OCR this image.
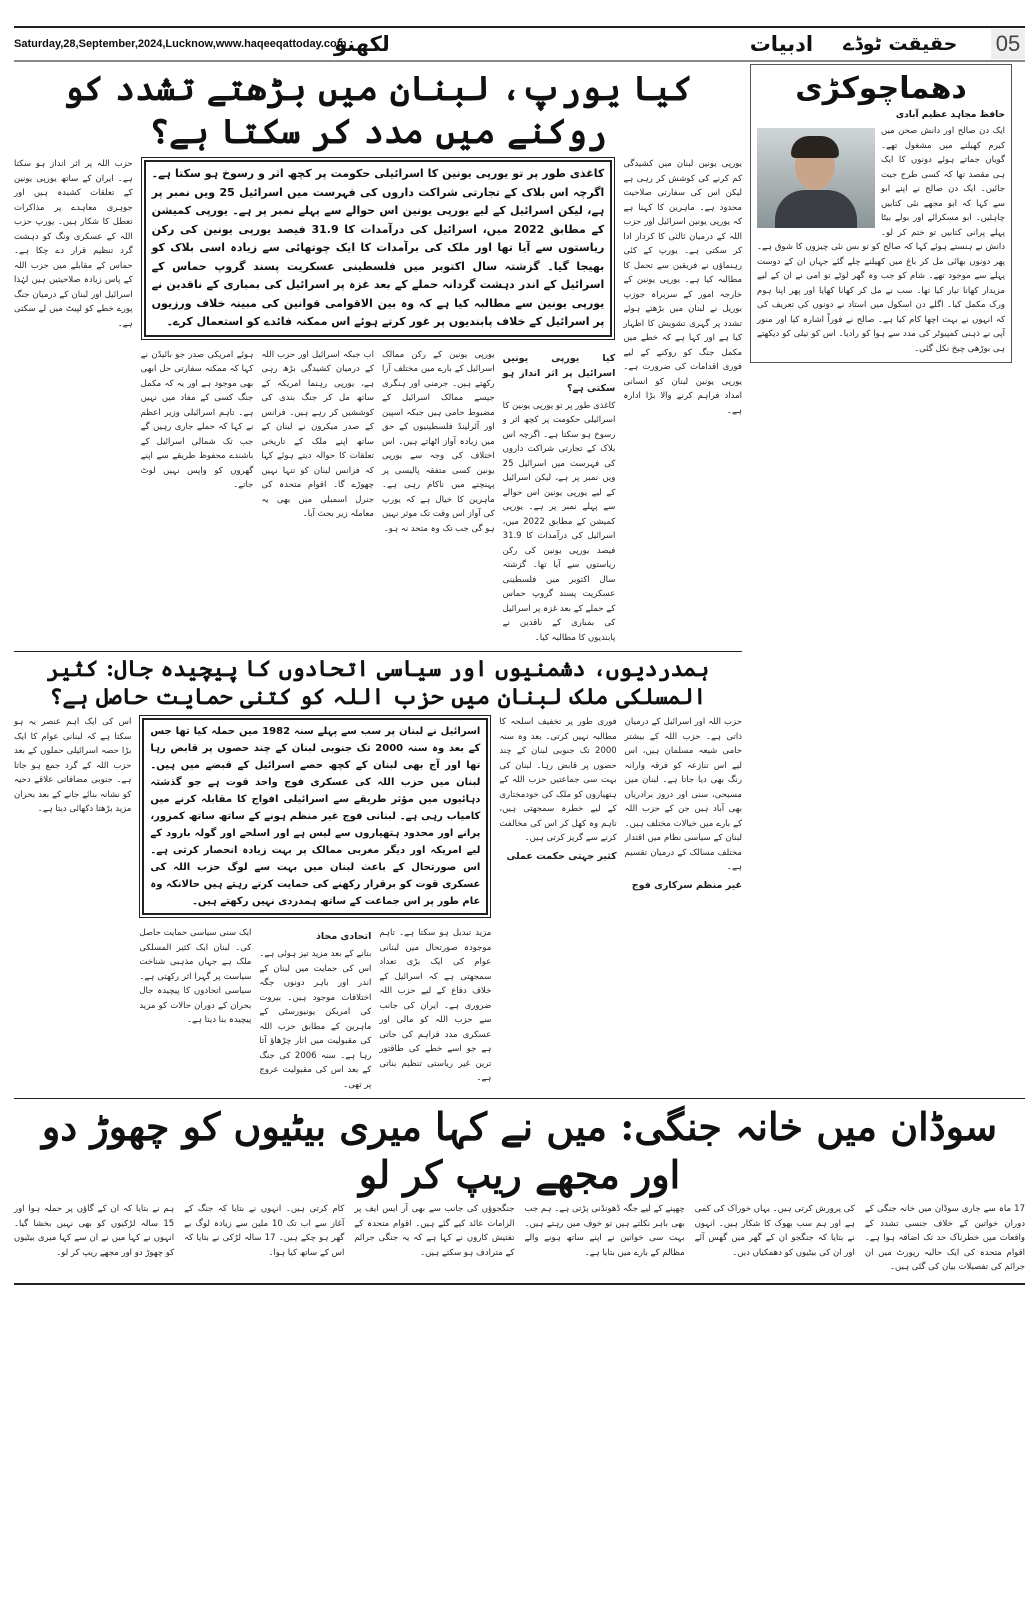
Saturday,28,September,2024,Lucknow,www.haqeeqattoday.com
لکھنؤ	ادبیات حقیقت ٹوڈے 05
کیا یورپ، لبنان میں بڑھتے تشدد کو روکنے میں مدد کر سکتا ہے؟
یورپی یونین لبنان میں کشیدگی کم کرنے کی کوشش کر رہی ہے لیکن اس کی سفارتی صلاحیت محدود ہے۔ ماہرین کا کہنا ہے کہ یورپی یونین اسرائیل اور حزب اللہ کے درمیان ثالثی کا کردار ادا کر سکتی ہے۔ یورپ کے کئی رہنماؤں نے فریقین سے تحمل کا مطالبہ کیا ہے۔ یورپی یونین کے خارجہ امور کے سربراہ جوزپ بوریل نے لبنان میں بڑھتے ہوئے تشدد پر گہری تشویش کا اظہار کیا ہے اور کہا ہے کہ خطے میں مکمل جنگ کو روکنے کے لیے فوری اقدامات کی ضرورت ہے۔ یورپی یونین لبنان کو انسانی امداد فراہم کرنے والا بڑا ادارہ ہے۔
کاغذی طور پر تو یورپی یونین کا اسرائیلی حکومت پر کچھ اثر و رسوخ ہو سکتا ہے۔ اگرچہ اس بلاک کے تجارتی شراکت داروں کی فہرست میں اسرائیل 25 ویں نمبر پر ہے، لیکن اسرائیل کے لیے یورپی یونین اس حوالے سے پہلے نمبر پر ہے۔ یورپی کمیشن کے مطابق 2022 میں، اسرائیل کی درآمدات کا 31.9 فیصد یورپی یونین کی رکن ریاستوں سے آیا تھا اور ملک کی برآمدات کا ایک چوتھائی سے زیادہ اسی بلاک کو بھیجا گیا۔ گزشتہ سال اکتوبر میں فلسطینی عسکریت پسند گروپ حماس کے اسرائیل کے اندر دہشت گردانہ حملے کے بعد غزہ پر اسرائیل کی بمباری کے ناقدین نے یورپی یونین سے مطالبہ کیا ہے کہ وہ بین الاقوامی قوانین کی مبینہ خلاف ورزیوں پر اسرائیل کے خلاف پابندیوں پر غور کرتے ہوئے اس ممکنہ فائدے کو استعمال کرے۔
کیا یورپی یونین اسرائیل پر اثر انداز ہو سکتی ہے؟
کاغذی طور پر تو یورپی یونین کا اسرائیلی حکومت پر کچھ اثر و رسوخ ہو سکتا ہے۔ اگرچہ اس بلاک کے تجارتی شراکت داروں کی فہرست میں اسرائیل 25 ویں نمبر پر ہے، لیکن اسرائیل کے لیے یورپی یونین اس حوالے سے پہلے نمبر پر ہے۔ یورپی کمیشن کے مطابق 2022 میں، اسرائیل کی درآمدات کا 31.9 فیصد یورپی یونین کی رکن ریاستوں سے آیا تھا۔ گزشتہ سال اکتوبر میں فلسطینی عسکریت پسند گروپ حماس کے حملے کے بعد غزہ پر اسرائیل کی بمباری کے ناقدین نے پابندیوں کا مطالبہ کیا۔
یورپی یونین کے رکن ممالک اسرائیل کے بارے میں مختلف آرا رکھتے ہیں۔ جرمنی اور ہنگری جیسے ممالک اسرائیل کے مضبوط حامی ہیں جبکہ اسپین اور آئرلینڈ فلسطینیوں کے حق میں زیادہ آواز اٹھاتے ہیں۔ اس اختلاف کی وجہ سے یورپی یونین کسی متفقہ پالیسی پر پہنچنے میں ناکام رہی ہے۔ ماہرین کا خیال ہے کہ یورپ کی آواز اس وقت تک موثر نہیں ہو گی جب تک وہ متحد نہ ہو۔
اب جبکہ اسرائیل اور حزب اللہ کے درمیان کشیدگی بڑھ رہی ہے، یورپی رہنما امریکہ کے ساتھ مل کر جنگ بندی کی کوششیں کر رہے ہیں۔ فرانس کے صدر میکرون نے لبنان کے ساتھ اپنے ملک کے تاریخی تعلقات کا حوالہ دیتے ہوئے کہا کہ فرانس لبنان کو تنہا نہیں چھوڑے گا۔ اقوام متحدہ کی جنرل اسمبلی میں بھی یہ معاملہ زیر بحث آیا۔
ہوئے امریکی صدر جو بائیڈن نے کہا کہ ممکنہ سفارتی حل ابھی بھی موجود ہے اور یہ کہ مکمل جنگ کسی کے مفاد میں نہیں ہے۔ تاہم اسرائیلی وزیر اعظم نے کہا کہ حملے جاری رہیں گے جب تک شمالی اسرائیل کے باشندے محفوظ طریقے سے اپنے گھروں کو واپس نہیں لوٹ جاتے۔
حزب اللہ پر اثر انداز ہو سکتا ہے۔ ایران کے ساتھ یورپی یونین کے تعلقات کشیدہ ہیں اور جوہری معاہدے پر مذاکرات تعطل کا شکار ہیں۔ یورپ حزب اللہ کے عسکری ونگ کو دہشت گرد تنظیم قرار دے چکا ہے۔ حماس کے مقابلے میں حزب اللہ کے پاس زیادہ صلاحیتیں ہیں لہٰذا اسرائیل اور لبنان کے درمیان جنگ پورے خطے کو لپیٹ میں لے سکتی ہے۔
ہمدردیوں، دشمنیوں اور سیاسی اتحادوں کا پیچیدہ جال: کثیر المسلکی ملک لبنان میں حزب اللہ کو کتنی حمایت حاصل ہے؟
حزب اللہ اور اسرائیل کے درمیان ذاتی ہے۔ حزب اللہ کے بیشتر حامی شیعہ مسلمان ہیں، اس لیے اس تنازعہ کو فرقہ وارانہ رنگ بھی دیا جاتا ہے۔ لبنان میں مسیحی، سنی اور دروز برادریاں بھی آباد ہیں جن کے حزب اللہ کے بارے میں خیالات مختلف ہیں۔ لبنان کے سیاسی نظام میں اقتدار مختلف مسالک کے درمیان تقسیم ہے۔
غیر منظم سرکاری فوج
فوری طور پر تخفیف اسلحہ کا مطالبہ نہیں کرتی۔ بعد وہ سنہ 2000 تک جنوبی لبنان کے چند حصوں پر قابض رہا۔ لبنان کی بہت سی جماعتیں حزب اللہ کے ہتھیاروں کو ملک کی خودمختاری کے لیے خطرہ سمجھتی ہیں، تاہم وہ کھل کر اس کی مخالفت کرنے سے گریز کرتی ہیں۔
کثیر جہتی حکمت عملی
اسرائیل نے لبنان پر سب سے پہلے سنہ 1982 میں حملہ کیا تھا جس کے بعد وہ سنہ 2000 تک جنوبی لبنان کے چند حصوں پر قابض رہا تھا اور آج بھی لبنان کے کچھ حصے اسرائیل کے قبضے میں ہیں۔ لبنان میں حزب اللہ کی عسکری فوج واحد قوت ہے جو گذشتہ دہائیوں میں مؤثر طریقے سے اسرائیلی افواج کا مقابلہ کرنے میں کامیاب رہی ہے۔ لبنانی فوج غیر منظم ہونے کے ساتھ ساتھ کمزور، پرانے اور محدود ہتھیاروں سے لیس ہے اور اسلحے اور گولہ بارود کے لیے امریکہ اور دیگر مغربی ممالک پر بہت زیادہ انحصار کرتی ہے۔ اس صورتحال کے باعث لبنان میں بہت سے لوگ حزب اللہ کی عسکری قوت کو برقرار رکھنے کی حمایت کرتے رہتے ہیں حالانکہ وہ عام طور پر اس جماعت کے ساتھ ہمدردی نہیں رکھتے ہیں۔
مزید تبدیل ہو سکتا ہے۔ تاہم موجودہ صورتحال میں لبنانی عوام کی ایک بڑی تعداد سمجھتی ہے کہ اسرائیل کے خلاف دفاع کے لیے حزب اللہ ضروری ہے۔ ایران کی جانب سے حزب اللہ کو مالی اور عسکری مدد فراہم کی جاتی ہے جو اسے خطے کی طاقتور ترین غیر ریاستی تنظیم بناتی ہے۔
اتحادی محاذ
بنانے کے بعد مزید تیز ہوئی ہے۔ اس کی حمایت میں لبنان کے اندر اور باہر دونوں جگہ اختلافات موجود ہیں۔ بیروت کی امریکن یونیورسٹی کے ماہرین کے مطابق حزب اللہ کی مقبولیت میں اتار چڑھاؤ آتا رہا ہے۔ سنہ 2006 کی جنگ کے بعد اس کی مقبولیت عروج پر تھی۔
ایک سنی سیاسی حمایت حاصل کی۔ لبنان ایک کثیر المسلکی ملک ہے جہاں مذہبی شناخت سیاست پر گہرا اثر رکھتی ہے۔ سیاسی اتحادوں کا پیچیدہ جال بحران کے دوران حالات کو مزید پیچیدہ بنا دیتا ہے۔
اس کی ایک اہم عنصر یہ ہو سکتا ہے کہ لبنانی عوام کا ایک بڑا حصہ اسرائیلی حملوں کے بعد حزب اللہ کے گرد جمع ہو جاتا ہے۔ جنوبی مضافاتی علاقے دحیہ کو نشانہ بنائے جانے کے بعد بحران مزید بڑھتا دکھائی دیتا ہے۔
دھماچوکڑی
حافظ مجاہد عظیم آبادی
ایک دن صالح اور دانش صحن میں کیرم کھیلنے میں مشغول تھے۔ گویاں جماتے ہوئے دونوں کا ایک ہی مقصد تھا کہ کسی طرح جیت جائیں۔ ایک دن صالح نے اپنے ابو سے کہا کہ ابو مجھے نئی کتابیں چاہئیں۔ ابو مسکرائے اور بولے بیٹا پہلے پرانی کتابیں تو ختم کر لو۔ دانش نے ہنستے ہوئے کہا کہ صالح کو تو بس نئی چیزوں کا شوق ہے۔ پھر دونوں بھائی مل کر باغ میں کھیلنے چلے گئے جہاں ان کے دوست پہلے سے موجود تھے۔ شام کو جب وہ گھر لوٹے تو امی نے ان کے لیے مزیدار کھانا تیار کیا تھا۔ سب نے مل کر کھانا کھایا اور پھر اپنا ہوم ورک مکمل کیا۔ اگلے دن اسکول میں استاد نے دونوں کی تعریف کی کہ انہوں نے بہت اچھا کام کیا ہے۔ صالح نے فوراً اشارہ کیا اور منور آپی نے ذہنی کمپیوٹر کی مدد سے ہوا کو رادیا۔ اس کو تیلی کو دیکھتے ہی بوڑھی چیخ نکل گئی۔
سوڈان میں خانہ جنگی: میں نے کہا میری بیٹیوں کو چھوڑ دو اور مجھے ریپ کر لو
17 ماہ سے جاری سوڈان میں خانہ جنگی کے دوران خواتین کے خلاف جنسی تشدد کے واقعات میں خطرناک حد تک اضافہ ہوا ہے۔ اقوام متحدہ کی ایک حالیہ رپورٹ میں ان جرائم کی تفصیلات بیان کی گئی ہیں۔
کی پرورش کرتی ہیں۔ یہاں خوراک کی کمی ہے اور ہم سب بھوک کا شکار ہیں۔ انہوں نے بتایا کہ جنگجو ان کے گھر میں گھس آئے اور ان کی بیٹیوں کو دھمکیاں دیں۔
چھپنے کے لیے جگہ ڈھونڈنی پڑتی ہے۔ ہم جب بھی باہر نکلتے ہیں تو خوف میں رہتے ہیں۔ بہت سی خواتین نے اپنے ساتھ ہونے والے مظالم کے بارے میں بتایا ہے۔
جنگجوؤں کی جانب سے بھی آر ایس ایف پر الزامات عائد کیے گئے ہیں۔ اقوام متحدہ کے تفتیش کاروں نے کہا ہے کہ یہ جنگی جرائم کے مترادف ہو سکتے ہیں۔
کام کرتی ہیں۔ انہوں نے بتایا کہ جنگ کے آغاز سے اب تک 10 ملین سے زیادہ لوگ بے گھر ہو چکے ہیں۔ 17 سالہ لڑکی نے بتایا کہ اس کے ساتھ کیا ہوا۔
ہم نے بتایا کہ ان کے گاؤں پر حملہ ہوا اور 15 سالہ لڑکیوں کو بھی نہیں بخشا گیا۔ انہوں نے کہا میں نے ان سے کہا میری بیٹیوں کو چھوڑ دو اور مجھے ریپ کر لو۔
